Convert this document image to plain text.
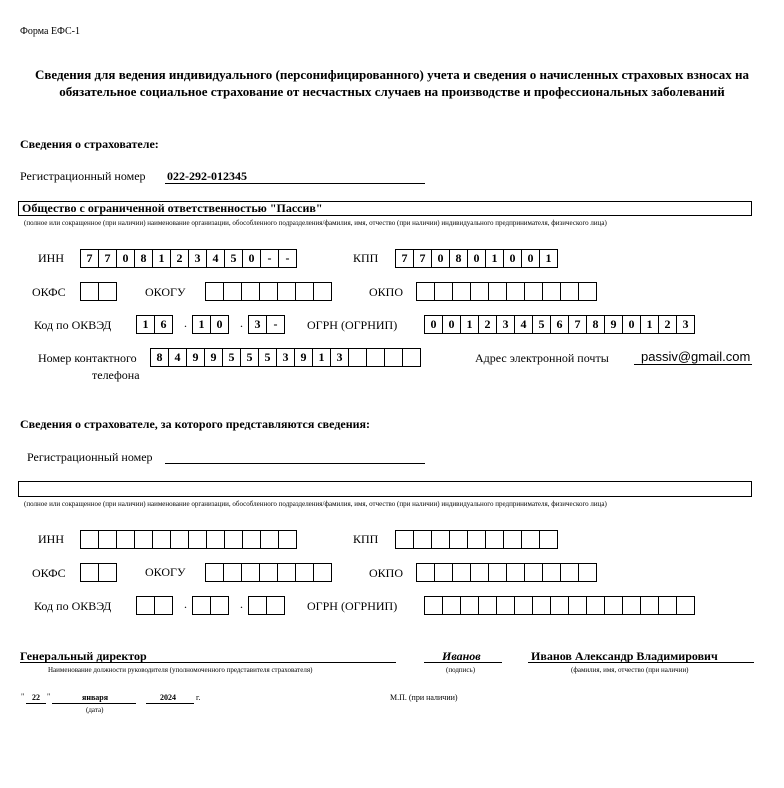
Форма ЕФС-1
Сведения для ведения индивидуального (персонифицированного) учета и сведения о начисленных страховых взносах на обязательное социальное страхование от несчастных случаев на производстве и профессиональных заболеваний
Сведения о страхователе:
Регистрационный номер 022-292-012345
Общество с ограниченной ответственностью "Пассив"
(полное или сокращенное (при наличии) наименование организации, обособленного подразделения/фамилия, имя, отчество (при наличии) индивидуального предпринимателя, физического лица)
ИНН	7	7	0	8	1	2	3	4	5	0	-	-	КПП	7	7	0	8	0	1	0	0	1
ОКФС	ОКОГУ	ОКПО
Код по ОКВЭД	1	6	. 1	0	. 3	-	ОГРН (ОГРНИП)	0	0	1	2	3	4	5	6	7	8	9	0	1	2	3
Номер контактного
телефона
8	4	9	9	5	5	5	3	9	1	3	Адрес электронной почты passiv@gmail.com
Сведения о страхователе, за которого представляются сведения:
Регистрационный номер
(полное или сокращенное (при наличии) наименование организации, обособленного подразделения/фамилия, имя, отчество (при наличии) индивидуального предпринимателя, физического лица)
ИНН	КПП
ОКФС	ОКОГУ	ОКПО
Код по ОКВЭД	.	.	ОГРН (ОГРНИП)
Генеральный директор
Наименование должности руководителя (уполномоченного представителя страхователя)
Иванов
(подпись)
Иванов Александр Владимирович
(фамилия, имя, отчество (при наличии)
" 22 "	января	2024	г.
(дата)
М.П. (при наличии)
